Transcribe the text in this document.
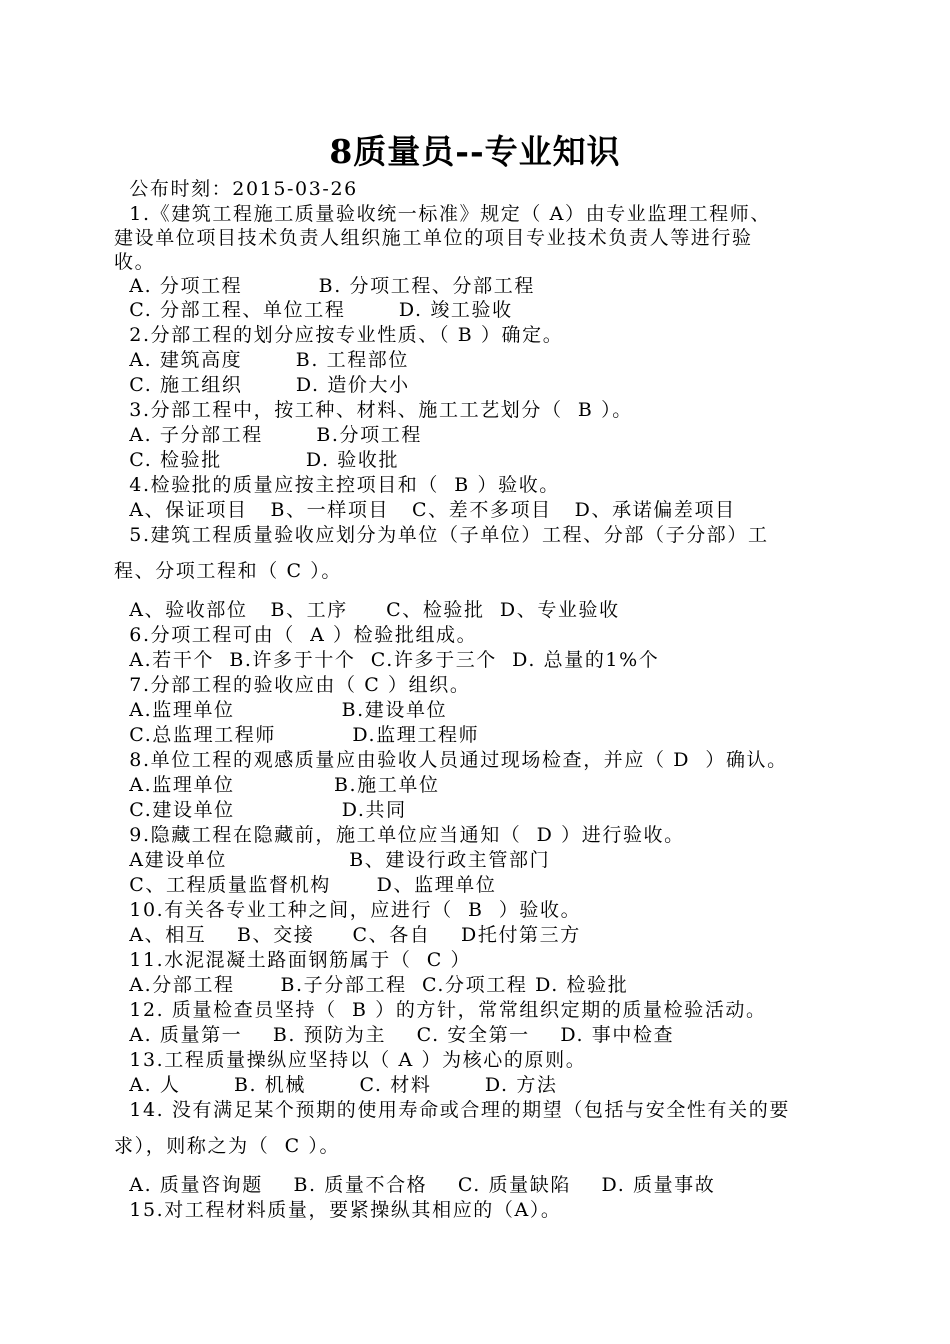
8质量员--专业知识
公布时刻：2015-03-26
1.《建筑工程施工质量验收统一标准》规定（ A）由专业监理工程师、
建设单位项目技术负责人组织施工单位的项目专业技术负责人等进行验
收。
A. 分项工程          B. 分项工程、分部工程
C. 分部工程、单位工程       D. 竣工验收
2.分部工程的划分应按专业性质、（ B ）确定。
A. 建筑高度       B. 工程部位
C. 施工组织       D. 造价大小
3.分部工程中，按工种、材料、施工工艺划分（  B ）。
A. 子分部工程       B.分项工程
C. 检验批           D. 验收批
4.检验批的质量应按主控项目和（  B ）验收。
A、保证项目   B、一样项目   C、差不多项目   D、承诺偏差项目
5.建筑工程质量验收应划分为单位（子单位）工程、分部（子分部）工
程、分项工程和（ C ）。
A、验收部位   B、工序     C、检验批  D、专业验收
6.分项工程可由（  A ）检验批组成。
A.若干个  B.许多于十个  C.许多于三个  D. 总量的1%个
7.分部工程的验收应由（ C ）组织。
A.监理单位              B.建设单位
C.总监理工程师          D.监理工程师
8.单位工程的观感质量应由验收人员通过现场检查，并应（ D  ）确认。
A.监理单位             B.施工单位
C.建设单位              D.共同
9.隐藏工程在隐藏前，施工单位应当通知（  D ）进行验收。
A建设单位                B、建设行政主管部门
C、工程质量监督机构      D、监理单位
10.有关各专业工种之间，应进行（  B  ）验收。
A、相互    B、交接     C、各自    D托付第三方
11.水泥混凝土路面钢筋属于（  C ）
A.分部工程      B.子分部工程  C.分项工程 D. 检验批
12. 质量检查员坚持（  B ）的方针，常常组织定期的质量检验活动。
A. 质量第一    B. 预防为主    C. 安全第一    D. 事中检查
13.工程质量操纵应坚持以（ A ）为核心的原则。
A. 人       B. 机械       C. 材料       D. 方法
14. 没有满足某个预期的使用寿命或合理的期望（包括与安全性有关的要
求），则称之为（  C ）。
A. 质量咨询题    B. 质量不合格    C. 质量缺陷    D. 质量事故
15.对工程材料质量，要紧操纵其相应的（A）。
